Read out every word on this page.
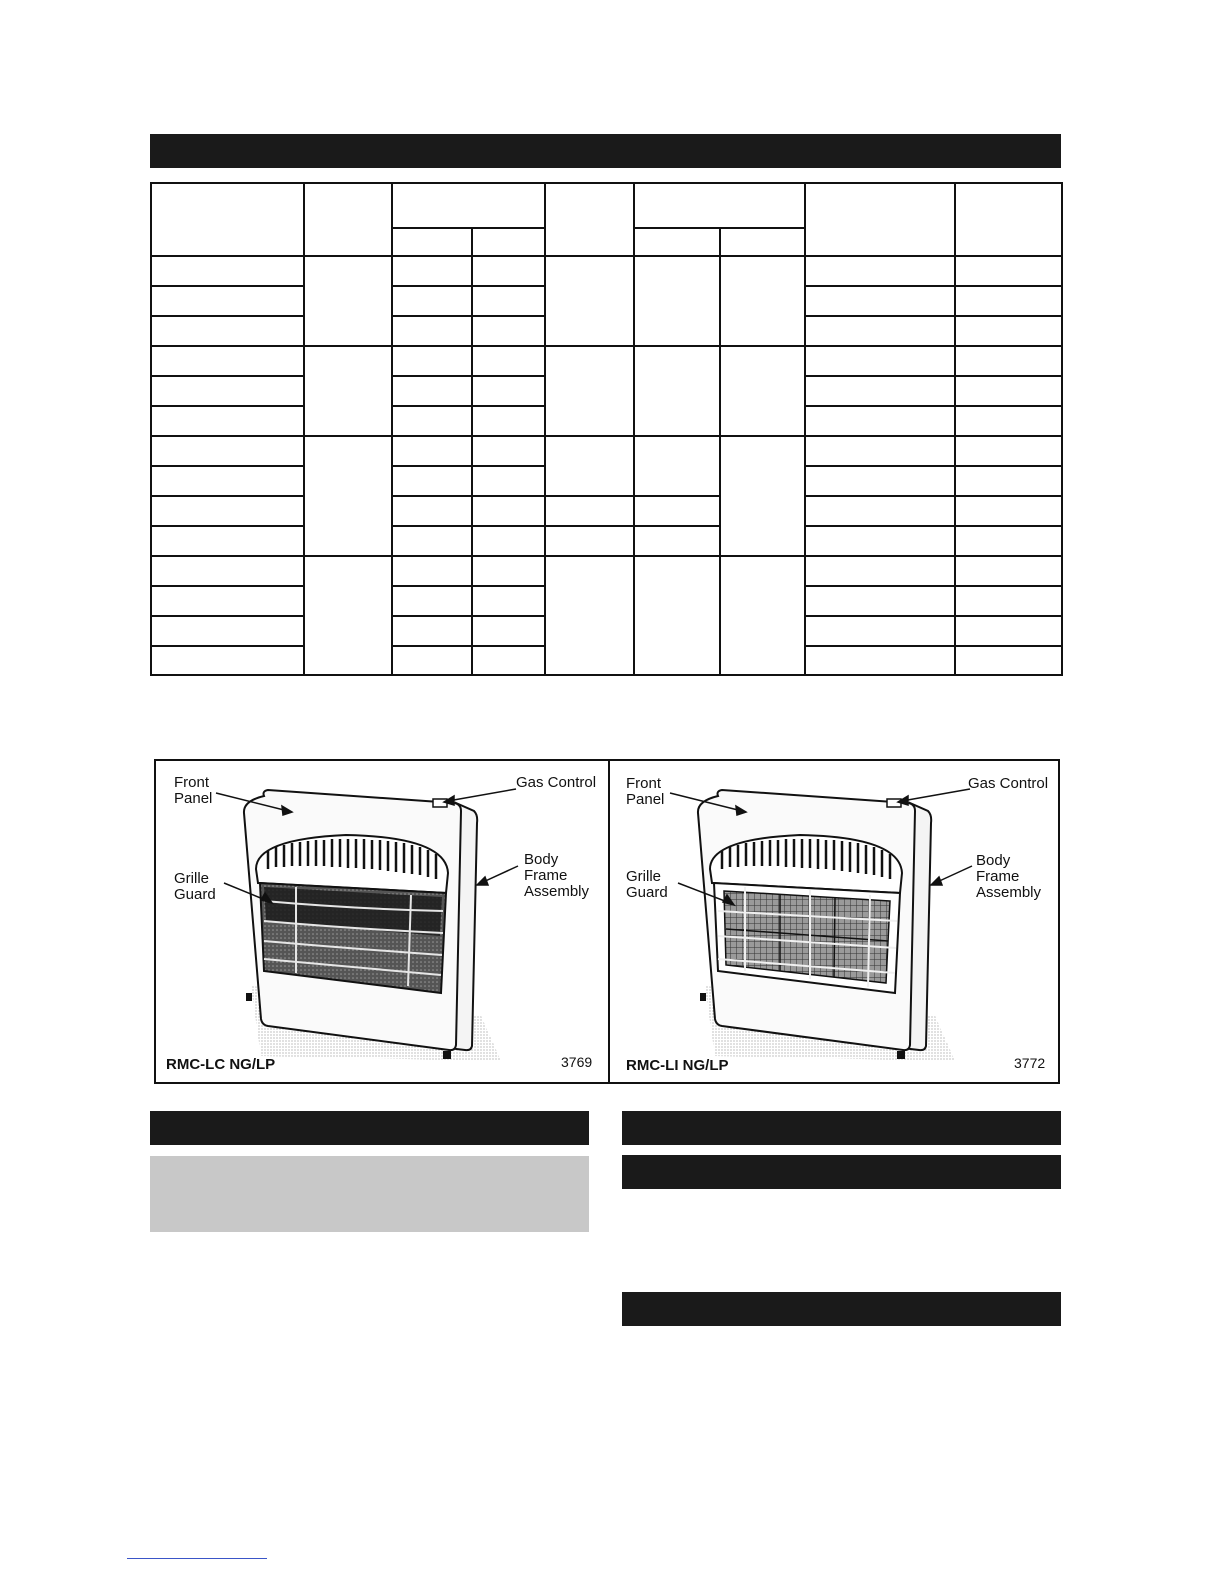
Front
Panel
Gas Control
Grille
Guard
Body
Frame
Assembly
RMC-LC NG/LP	3769
Front
Panel
Gas Control
Grille
Guard
Body
Frame
Assembly
RMC-LI NG/LP	3772
